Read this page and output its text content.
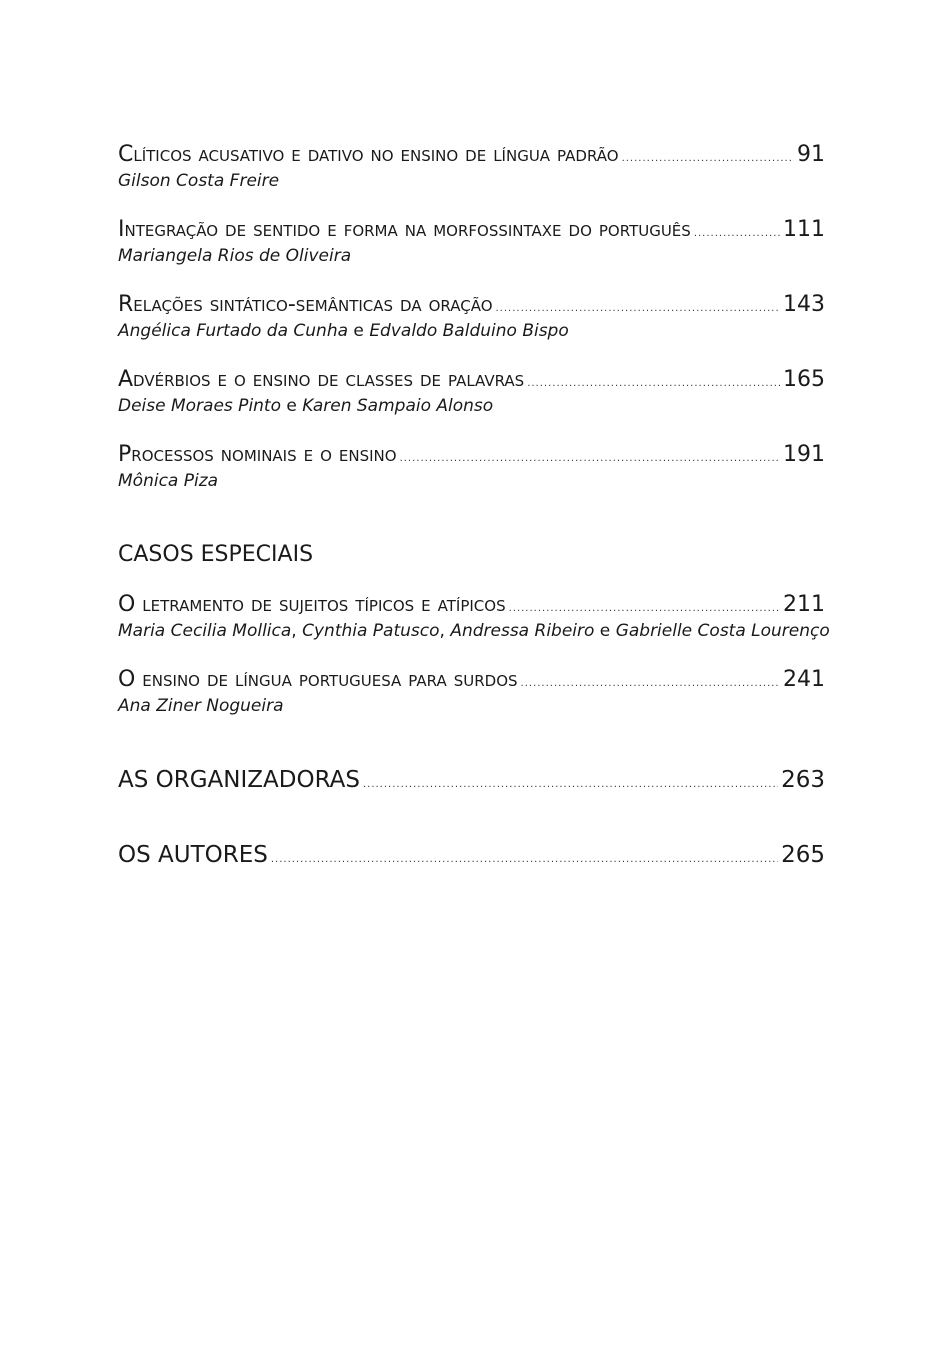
Clíticos acusativo e dativo no ensino de língua padrão .....	91
Gilson Costa Freire
Integração de sentido e forma na morfossintaxe do português .....	111
Mariangela Rios de Oliveira
Relações sintático-semânticas da oração .....	143
Angélica Furtado da Cunha e Edvaldo Balduino Bispo
Advérbios e o ensino de classes de palavras .....	165
Deise Moraes Pinto e Karen Sampaio Alonso
Processos nominais e o ensino .....	191
Mônica Piza
CASOS ESPECIAIS
O letramento de sujeitos típicos e atípicos .....	211
Maria Cecilia Mollica, Cynthia Patusco, Andressa Ribeiro e Gabrielle Costa Lourenço
O ensino de língua portuguesa para surdos .....	241
Ana Ziner Nogueira
AS ORGANIZADORAS .....	263
OS AUTORES .....	265
